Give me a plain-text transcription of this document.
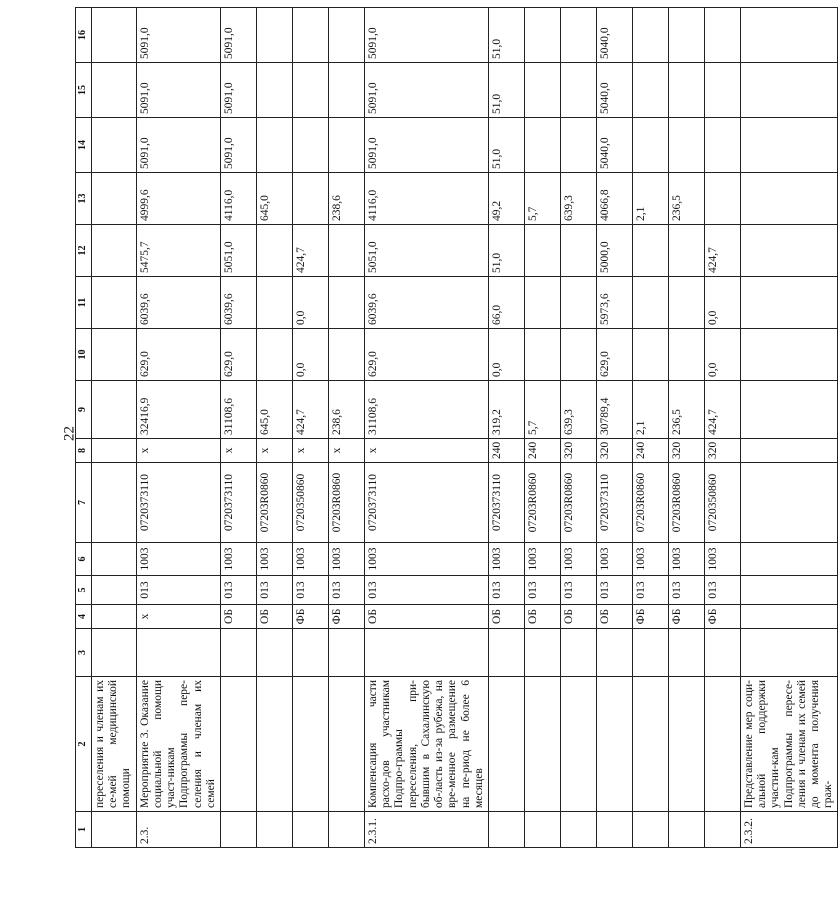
22
1	2	3	4	5	6	7	8	9	10	11	12	13	14	15	16
	переселения и членам их се-мей медицинской помощи														
2.3.	Мероприятие 3. Оказание социальной помощи участ-никам Подпрограммы пере-селения и членам их семей		х	013	1003	0720373110	х	32416,9	629,0	6039,6	5475,7	4999,6	5091,0	5091,0	5091,0
			ОБ	013	1003	0720373110	х	31108,6	629,0	6039,6	5051,0	4116,0	5091,0	5091,0	5091,0
			ОБ	013	1003	07203R0860	х	645,0				645,0			
			ФБ	013	1003	0720350860	х	424,7	0,0	0,0	424,7				
			ФБ	013	1003	07203R0860	х	238,6				238,6			
2.3.1.	Компенсация части расхо-дов участникам Подпро-граммы переселения, при-бывшим в Сахалинскую об-ласть из-за рубежа, на вре-менное размещение на пе-риод не более 6 месяцев		ОБ	013	1003	0720373110	х	31108,6	629,0	6039,6	5051,0	4116,0	5091,0	5091,0	5091,0
			ОБ	013	1003	0720373110	240	319,2	0,0	66,0	51,0	49,2	51,0	51,0	51,0
			ОБ	013	1003	07203R0860	240	5,7				5,7			
			ОБ	013	1003	07203R0860	320	639,3				639,3			
			ОБ	013	1003	0720373110	320	30789,4	629,0	5973,6	5000,0	4066,8	5040,0	5040,0	5040,0
			ФБ	013	1003	07203R0860	240	2,1				2,1			
			ФБ	013	1003	07203R0860	320	236,5				236,5			
			ФБ	013	1003	0720350860	320	424,7	0,0	0,0	424,7				
2.3.2.	Представление мер соци-альной поддержки участни-кам Подпрограммы пересе-ления и членам их семей до момента получения граж-														
